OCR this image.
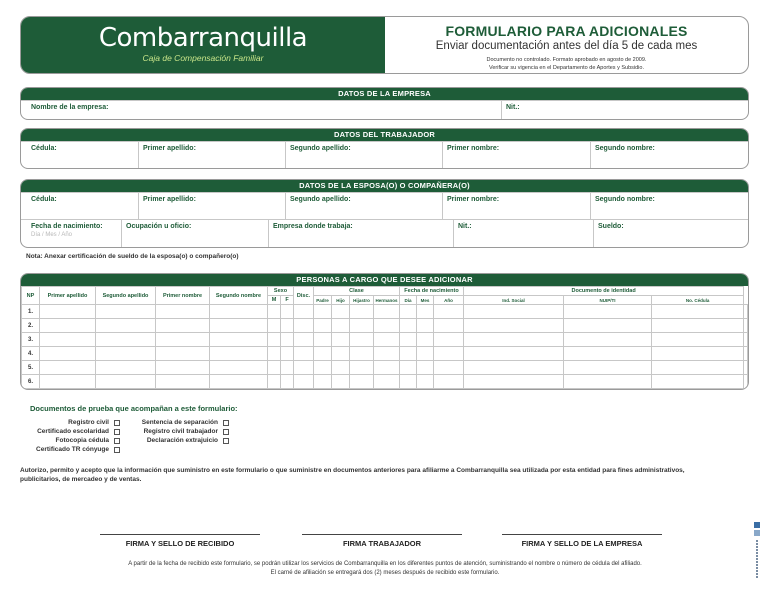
Combarranquilla
Caja de Compensación Familiar
FORMULARIO PARA ADICIONALES
Enviar documentación antes del día 5 de cada mes
Documento no controlado. Formato aprobado en agosto de 2009.
Verificar su vigencia en el Departamento de Aportes y Subsidio.
DATOS DE LA EMPRESA
Nombre de la empresa:	Nit.:
DATOS DEL TRABAJADOR
Cédula:	Primer apellido:	Segundo apellido:	Primer nombre:	Segundo nombre:
DATOS DE LA ESPOSA(O) O COMPAÑERA(O)
Cédula:	Primer apellido:	Segundo apellido:	Primer nombre:	Segundo nombre:
Fecha de nacimiento:
Día / Mes / Año
Ocupación u oficio:	Empresa donde trabaja:	Nit.:	Sueldo:
Nota: Anexar certificación de sueldo de la esposa(o) o compañero(o)
PERSONAS A CARGO QUE DESEE ADICIONAR
NP	Primer apellido	Segundo apellido	Primer nombre	Segundo nombre	Sexo		Disc.	Clase				Fecha de nacimiento			Documento de identidad			
					M	F		Padre	Hijo	Hijastro	Hermanos	Día	Mes	Año	Ind. Social	NUIP/TI	No. Cédula	
1.																		
2.																		
3.																		
4.																		
5.																		
6.																		
Documentos de prueba que acompañan a este formulario:
Registro civil
Certificado escolaridad
Fotocopia cédula
Certificado TR cónyuge
Sentencia de separación
Registro civil trabajador
Declaración extrajuicio
Autorizo, permito y acepto que la información que suministro en este formulario o que suministre en documentos anteriores para afiliarme a Combarranquilla sea utilizada por esta entidad para fines administrativos, publicitarios, de mercadeo y de ventas.
FIRMA Y SELLO DE RECIBIDO	FIRMA TRABAJADOR	FIRMA Y SELLO DE LA EMPRESA
A partir de la fecha de recibido este formulario, se podrán utilizar los servicios de Combarranquilla en los diferentes puntos de atención, suministrando el nombre o número de cédula del afiliado.
El carné de afiliación se entregará dos (2) meses después de recibido este formulario.
